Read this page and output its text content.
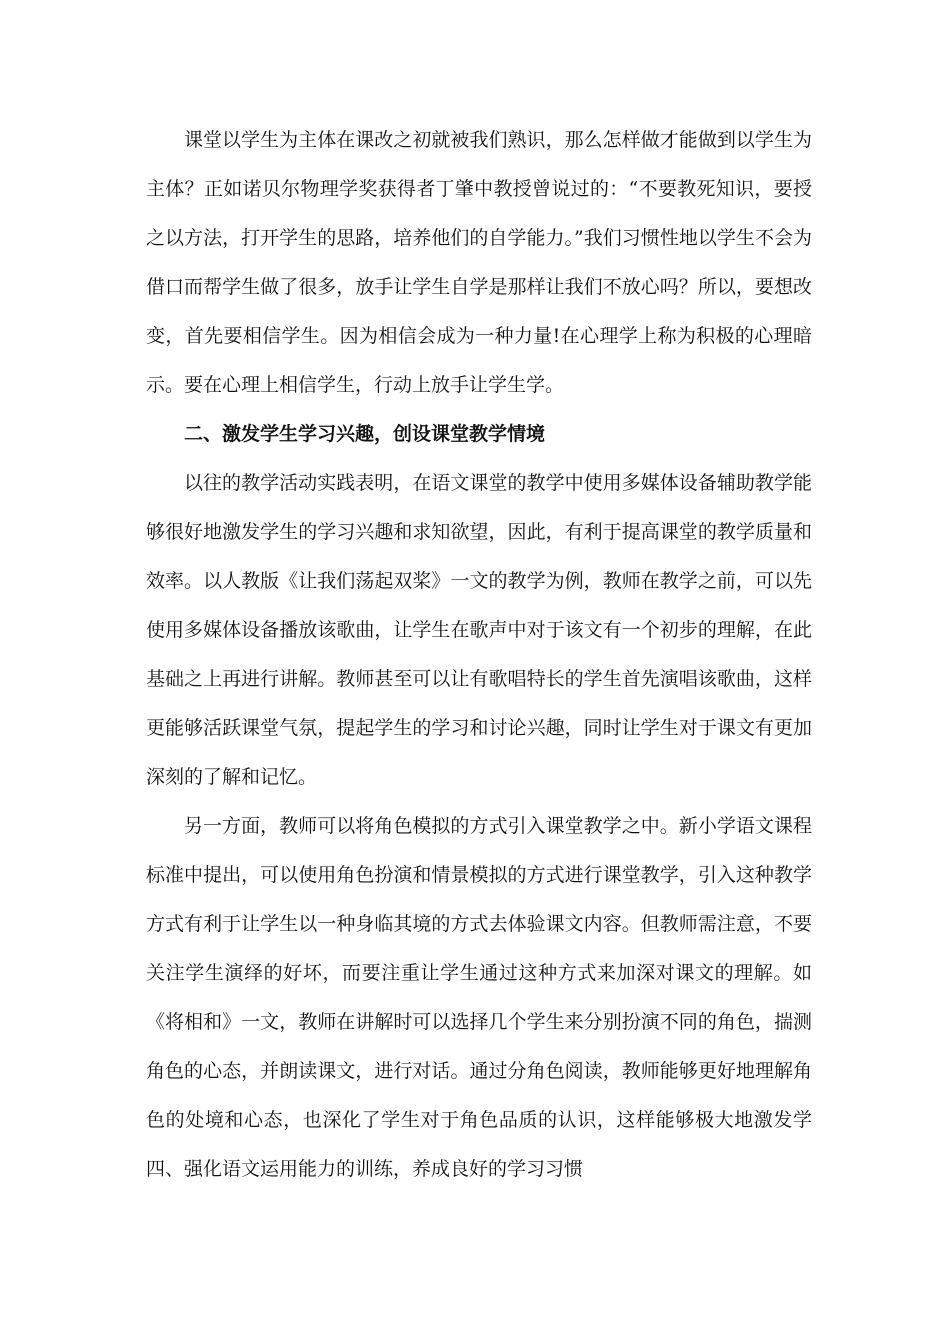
课堂以学生为主体在课改之初就被我们熟识，那么怎样做才能做到以学生为主体？正如诺贝尔物理学奖获得者丁肇中教授曾说过的：“不要教死知识，要授之以方法，打开学生的思路，培养他们的自学能力。”我们习惯性地以学生不会为借口而帮学生做了很多，放手让学生自学是那样让我们不放心吗？所以，要想改变，首先要相信学生。因为相信会成为一种力量!在心理学上称为积极的心理暗示。要在心理上相信学生，行动上放手让学生学。

二、激发学生学习兴趣，创设课堂教学情境

以往的教学活动实践表明，在语文课堂的教学中使用多媒体设备辅助教学能够很好地激发学生的学习兴趣和求知欲望，因此，有利于提高课堂的教学质量和效率。以人教版《让我们荡起双桨》一文的教学为例，教师在教学之前，可以先使用多媒体设备播放该歌曲，让学生在歌声中对于该文有一个初步的理解，在此基础之上再进行讲解。教师甚至可以让有歌唱特长的学生首先演唱该歌曲，这样更能够活跃课堂气氛，提起学生的学习和讨论兴趣，同时让学生对于课文有更加深刻的了解和记忆。

另一方面，教师可以将角色模拟的方式引入课堂教学之中。新小学语文课程标准中提出，可以使用角色扮演和情景模拟的方式进行课堂教学，引入这种教学方式有利于让学生以一种身临其境的方式去体验课文内容。但教师需注意，不要关注学生演绎的好坏，而要注重让学生通过这种方式来加深对课文的理解。如《将相和》一文，教师在讲解时可以选择几个学生来分别扮演不同的角色，揣测角色的心态，并朗读课文，进行对话。通过分角色阅读，教师能够更好地理解角色的处境和心态，也深化了学生对于角色品质的认识，这样能够极大地激发学四、强化语文运用能力的训练，养成良好的学习习惯
